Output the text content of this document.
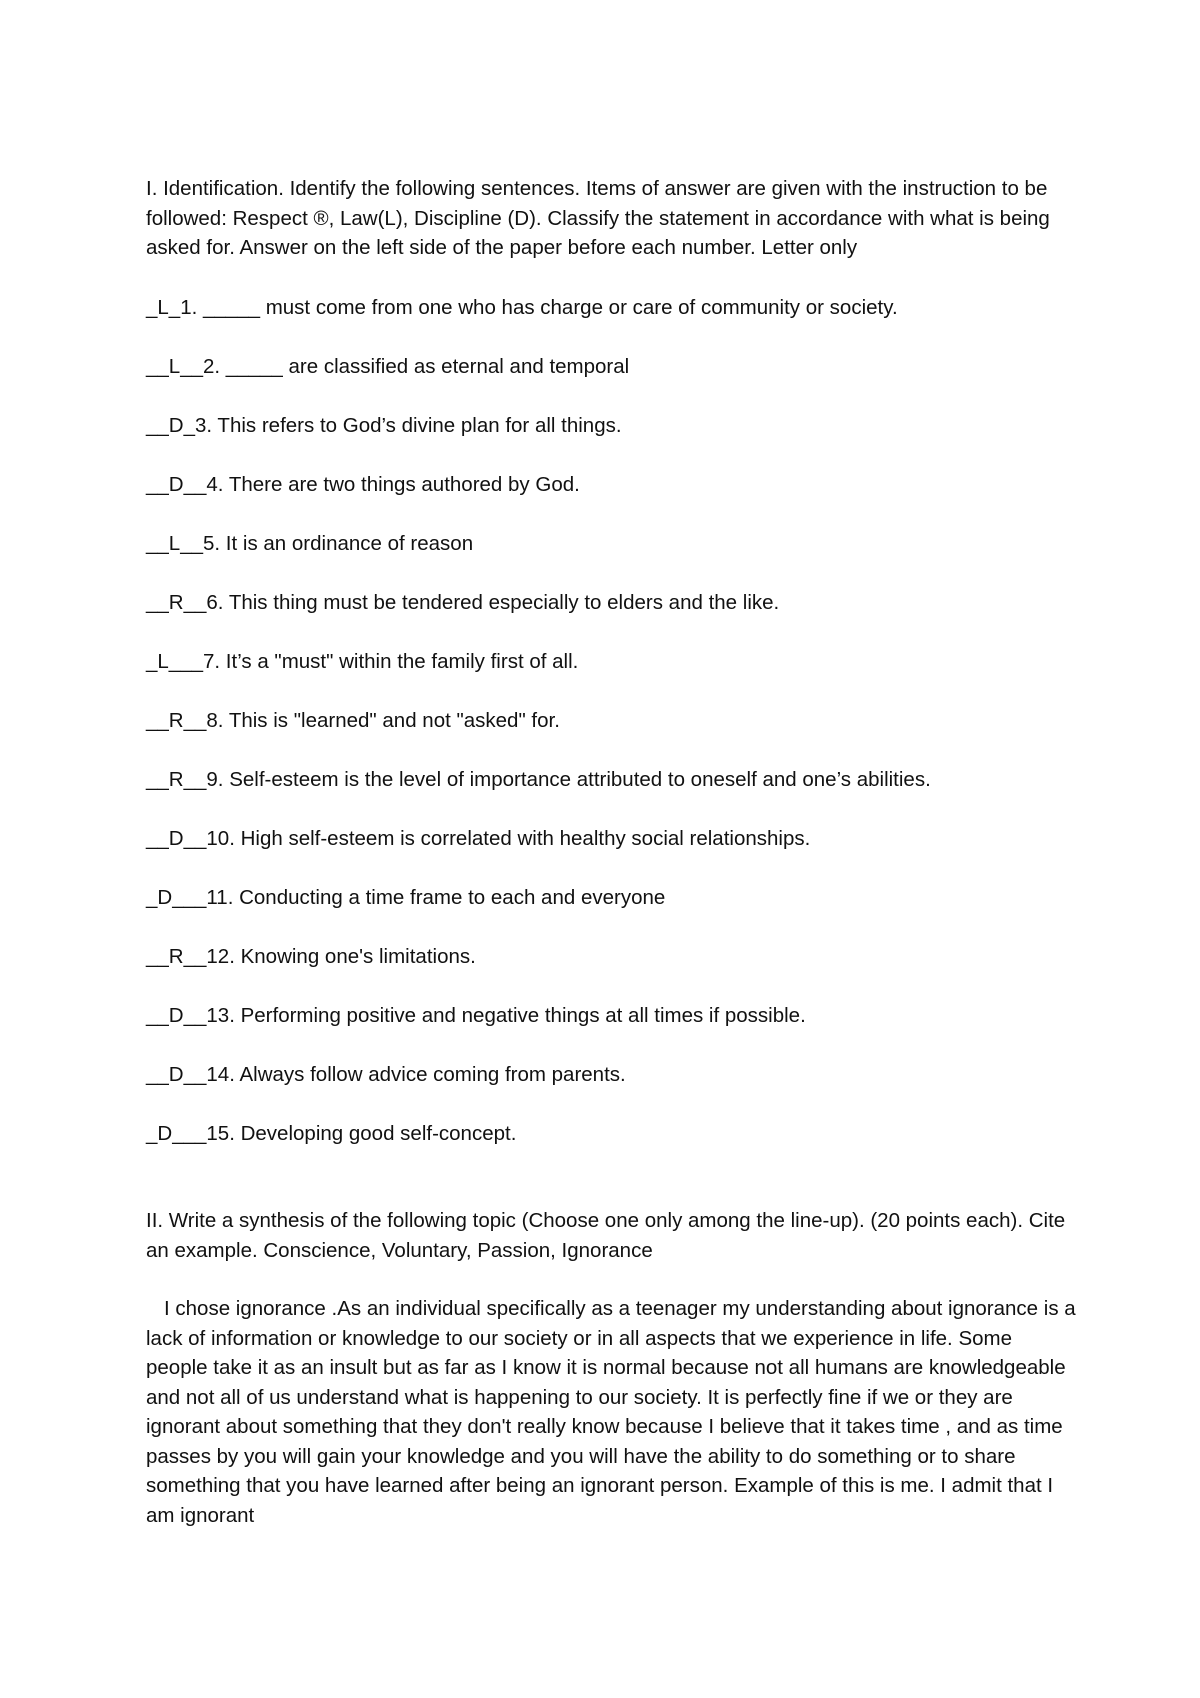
I. Identification. Identify the following sentences. Items of answer are given with the instruction to be followed: Respect ®, Law(L), Discipline (D). Classify the statement in accordance with what is being asked for. Answer on the left side of the paper before each number. Letter only

_L_1. _____ must come from one who has charge or care of community or society.
__L__2. _____ are classified as eternal and temporal
__D_3. This refers to God’s divine plan for all things.
__D__4. There are two things authored by God.
__L__5. It is an ordinance of reason
__R__6. This thing must be tendered especially to elders and the like.
_L___7. It’s a "must" within the family first of all.
__R__8. This is "learned" and not "asked" for.
__R__9. Self-esteem is the level of importance attributed to oneself and one’s abilities.
__D__10. High self-esteem is correlated with healthy social relationships.
_D___11. Conducting a time frame to each and everyone
__R__12. Knowing one's limitations.
__D__13. Performing positive and negative things at all times if possible.
__D__14. Always follow advice coming from parents.
_D___15. Developing good self-concept.

II. Write a synthesis of the following topic (Choose one only among the line-up). (20 points each). Cite an example. Conscience, Voluntary, Passion, Ignorance

I chose ignorance .As an individual specifically as a teenager my understanding about ignorance is a lack of information or knowledge to our society or in all aspects that we experience in life. Some people take it as an insult but as far as I know it is normal because not all humans are knowledgeable and not all of us understand what is happening to our society. It is perfectly fine if we or they are ignorant about something that they don't really know because I believe that it takes time , and as time passes by you will gain your knowledge and you will have the ability to do something or to share something that you have learned after being an ignorant person. Example of this is me. I admit that I am ignorant
